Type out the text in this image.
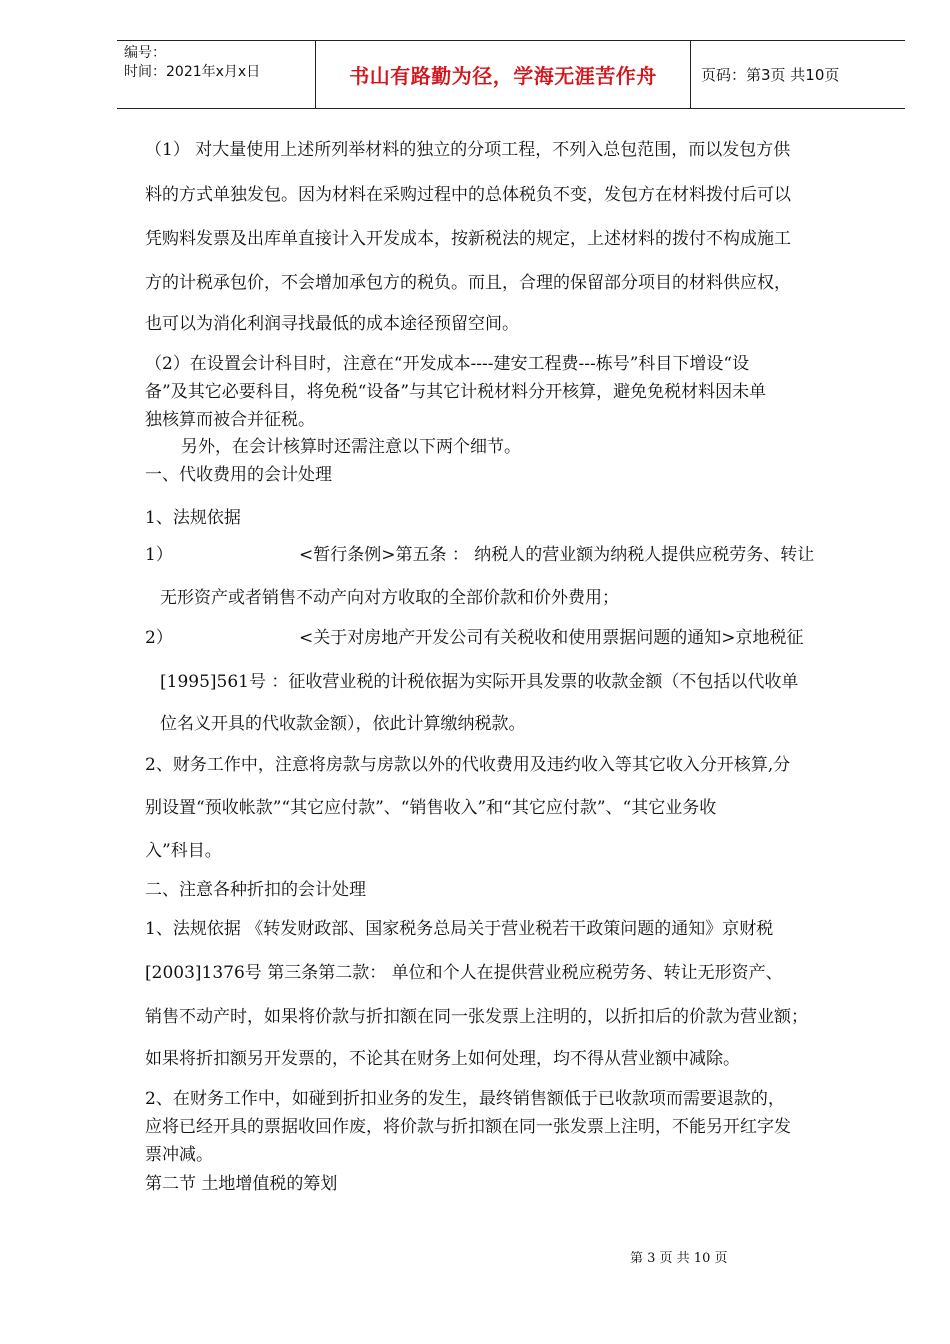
编号：
时间：2021年x月x日	书山有路勤为径，学海无涯苦作舟	页码：第3页 共10页
（1） 对大量使用上述所列举材料的独立的分项工程，不列入总包范围，而以发包方供
料的方式单独发包。因为材料在采购过程中的总体税负不变，发包方在材料拨付后可以
凭购料发票及出库单直接计入开发成本，按新税法的规定，上述材料的拨付不构成施工
方的计税承包价，不会增加承包方的税负。而且，合理的保留部分项目的材料供应权，
也可以为消化利润寻找最低的成本途径预留空间。
（2）在设置会计科目时，注意在“开发成本----建安工程费---栋号”科目下增设“设
备”及其它必要科目，将免税“设备”与其它计税材料分开核算，避免免税材料因未单
独核算而被合并征税。
另外，在会计核算时还需注意以下两个细节。
一、代收费用的会计处理
1、法规依据
1）	<暂行条例>第五条 ： 纳税人的营业额为纳税人提供应税劳务、转让
无形资产或者销售不动产向对方收取的全部价款和价外费用；
2）	<关于对房地产开发公司有关税收和使用票据问题的通知>京地税征
[1995]561号 ：征收营业税的计税依据为实际开具发票的收款金额（不包括以代收单
位名义开具的代收款金额），依此计算缴纳税款。
2、财务工作中，注意将房款与房款以外的代收费用及违约收入等其它收入分开核算,分
别设置“预收帐款”“其它应付款”、“销售收入”和“其它应付款”、“其它业务收
入”科目。
二、注意各种折扣的会计处理
1、法规依据 《转发财政部、国家税务总局关于营业税若干政策问题的通知》京财税
[2003]1376号 第三条第二款： 单位和个人在提供营业税应税劳务、转让无形资产、
销售不动产时，如果将价款与折扣额在同一张发票上注明的，以折扣后的价款为营业额；
如果将折扣额另开发票的，不论其在财务上如何处理，均不得从营业额中减除。
2、在财务工作中，如碰到折扣业务的发生，最终销售额低于已收款项而需要退款的，
应将已经开具的票据收回作废，将价款与折扣额在同一张发票上注明，不能另开红字发
票冲减。
第二节 土地增值税的筹划
第 3 页 共 10 页
